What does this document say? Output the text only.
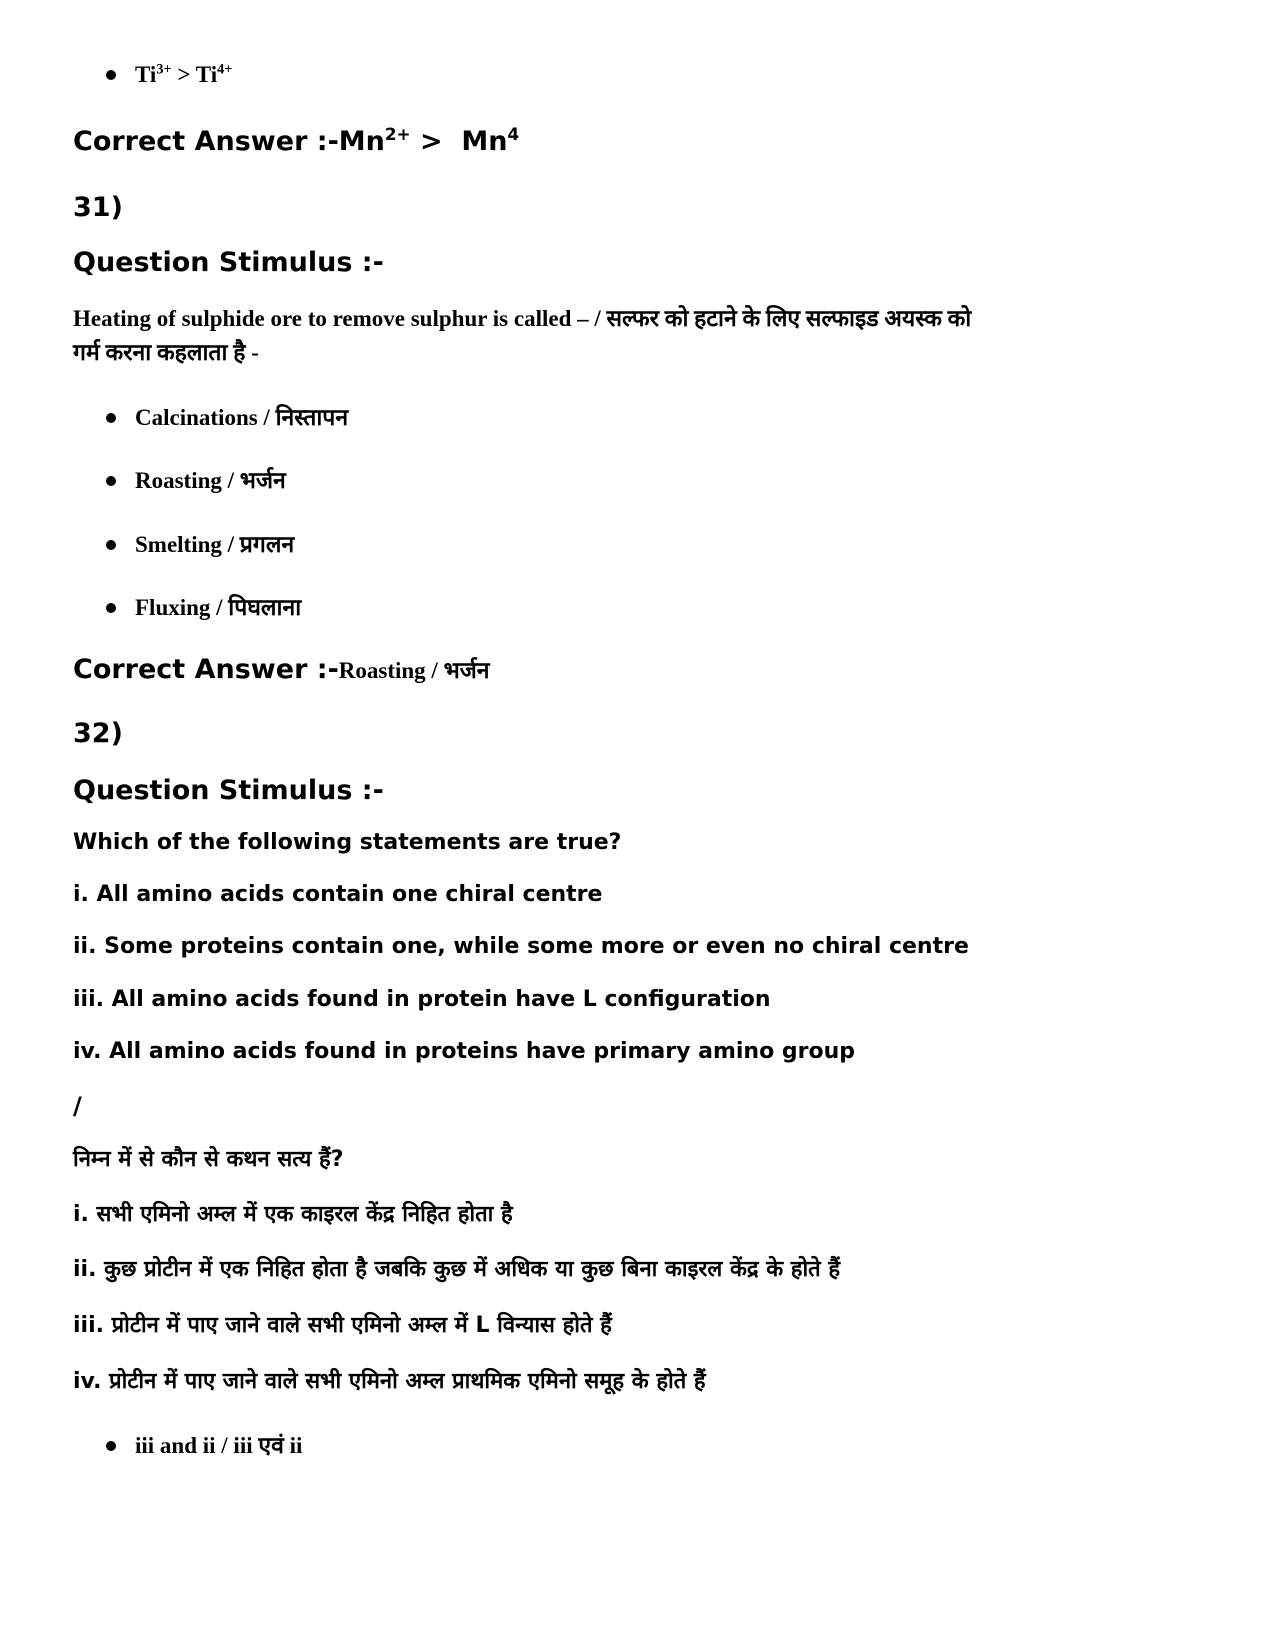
$Ti^{3+} > Ti^{4+}$
Correct Answer $:-Mn^{2+} > Mn^4$
31)
Question Stimulus :-
Heating of sulphide ore to remove sulphur is called – / सल्फर को हटाने के लिए सल्फाइड अयस्क को
गर्म करना कहलाता है -
Calcinations / निस्तापन
Roasting / भर्जन
Smelting / प्रगलन
Fluxing / पिघलाना
Correct Answer :-Roasting / भर्जन
32)
Question Stimulus :-
Which of the following statements are true?
i. All amino acids contain one chiral centre
ii. Some proteins contain one, while some more or even no chiral centre
iii. All amino acids found in protein have L configuration
iv. All amino acids found in proteins have primary amino group
/
निम्न में से कौन से कथन सत्य हैं?
i. सभी एमिनो अम्ल में एक काइरल केंद्र निहित होता है
ii. कुछ प्रोटीन में एक निहित होता है जबकि कुछ में अधिक या कुछ बिना काइरल केंद्र के होते हैं
iii. प्रोटीन में पाए जाने वाले सभी एमिनो अम्ल में L विन्यास होते हैं
iv. प्रोटीन में पाए जाने वाले सभी एमिनो अम्ल प्राथमिक एमिनो समूह के होते हैं
iii and ii / iii एवं ii
